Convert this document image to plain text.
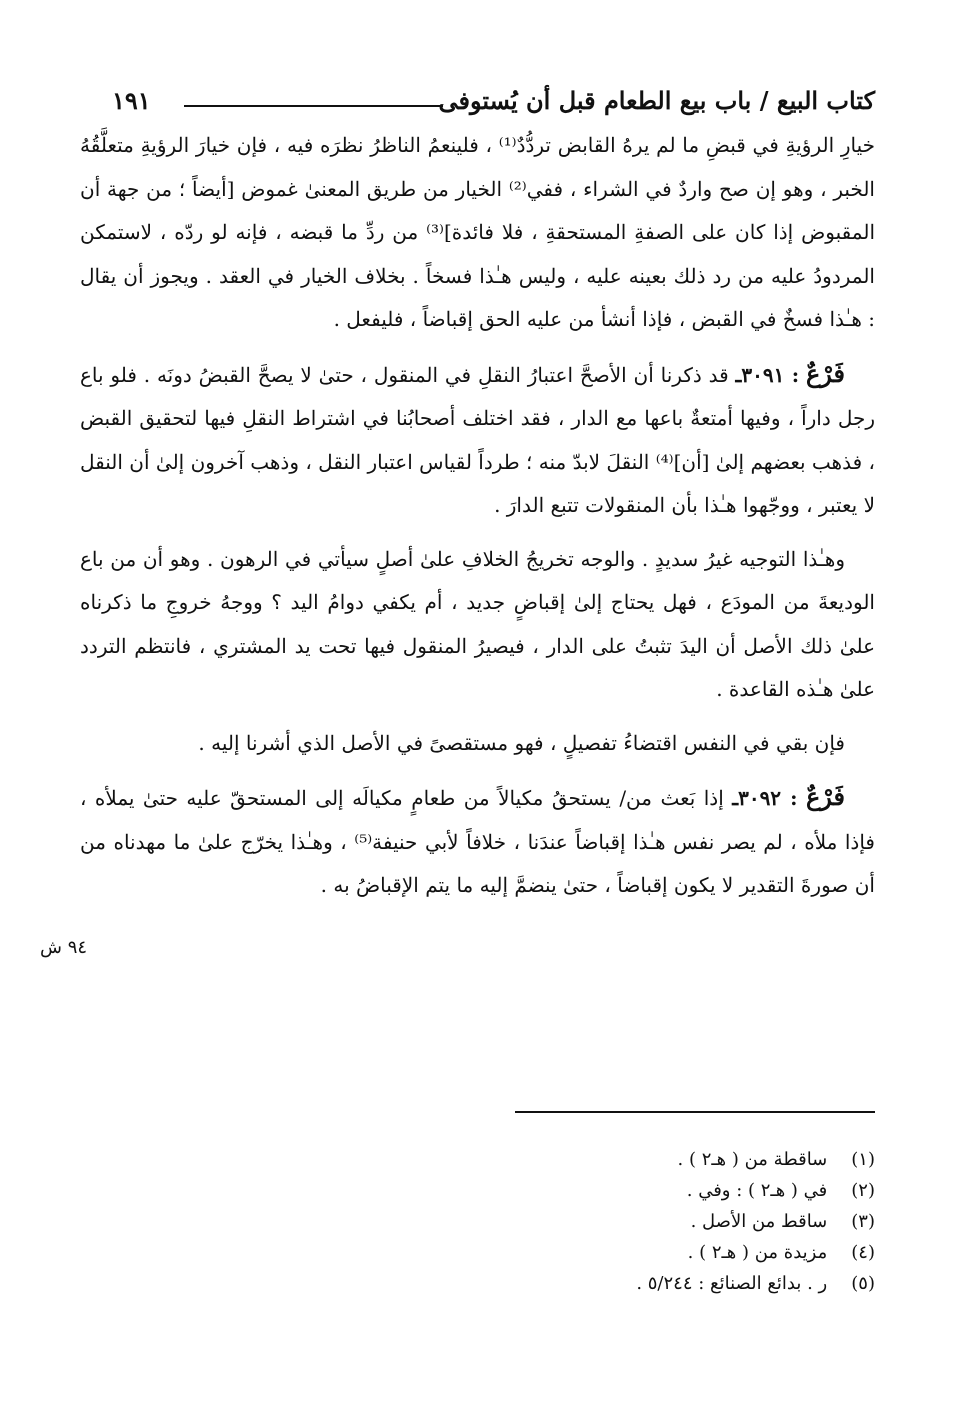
كتاب البيع / باب بيع الطعام قبل أن يُستوفى
١٩١

خيارِ الرؤيةِ في قبضِ ما لم يرهُ القابض تردُّدٌ⁽¹⁾ ، فلينعمُ الناظرُ نظرَه فيه ، فإن خيارَ الرؤيةِ متعلَّقُهُ الخبر ، وهو إن صح واردٌ في الشراء ، ففي⁽²⁾ الخيار من طريق المعنىٰ غموض [أيضاً ؛ من جهة أن المقبوض إذا كان على الصفةِ المستحقةِ ، فلا فائدة]⁽³⁾ من ردِّ ما قبضه ، فإنه لو ردّه ، لاستمكن المردودُ عليه من رد ذلك بعينه عليه ، وليس هـٰذا فسخاً . بخلاف الخيار في العقد . ويجوز أن يقال : هـٰذا فسخٌ في القبض ، فإذا أنشأ من عليه الحق إقباضاً ، فليفعل .

فَرْعٌ : ٣٠٩١ـ قد ذكرنا أن الأصحَّ اعتبارُ النقلِ في المنقول ، حتىٰ لا يصحَّ القبضُ دونَه . فلو باع رجل داراً ، وفيها أمتعةٌ باعها مع الدار ، فقد اختلف أصحابُنا في اشتراط النقلِ فيها لتحقيق القبض ، فذهب بعضهم إلىٰ [أن]⁽⁴⁾ النقلَ لابدّ منه ؛ طرداً لقياس اعتبار النقل ، وذهب آخرون إلىٰ أن النقل لا يعتبر ، ووجّهوا هـٰذا بأن المنقولات تتبع الدارَ .

وهـٰذا التوجيه غيرُ سديدٍ . والوجه تخريجُ الخلافِ علىٰ أصلٍ سيأتي في الرهون . وهو أن من باع الوديعةَ من المودَع ، فهل يحتاج إلىٰ إقباضٍ جديد ، أم يكفي دوامُ اليد ؟ ووجهُ خروجِ ما ذكرناه علىٰ ذلك الأصل أن اليدَ تثبتُ على الدار ، فيصيرُ المنقول فيها تحت يد المشتري ، فانتظم التردد علىٰ هـٰذه القاعدة .

فإن بقي في النفس اقتضاءُ تفصيلٍ ، فهو مستقصىً في الأصل الذي أشرنا إليه .

فَرْعٌ : ٣٠٩٢ـ إذا بَعث من/ يستحقُ مكيالاً من طعامٍ مكيالَه إلى المستحقّ عليه حتىٰ يملأه ، فإذا ملأه ، لم يصر نفس هـٰذا إقباضاً عندَنا ، خلافاً لأبي حنيفة⁽⁵⁾ ، وهـٰذا يخرّج علىٰ ما مهدناه من أن صورةَ التقدير لا يكون إقباضاً ، حتىٰ ينضمَّ إليه ما يتم الإقباضُ به .

٩٤ ش
(١) ساقطة من ( هـ٢ ) .
(٢) في ( هـ٢ ) : وفي .
(٣) ساقط من الأصل .
(٤) مزيدة من ( هـ٢ ) .
(٥) ر . بدائع الصنائع : ٥/٢٤٤ .
